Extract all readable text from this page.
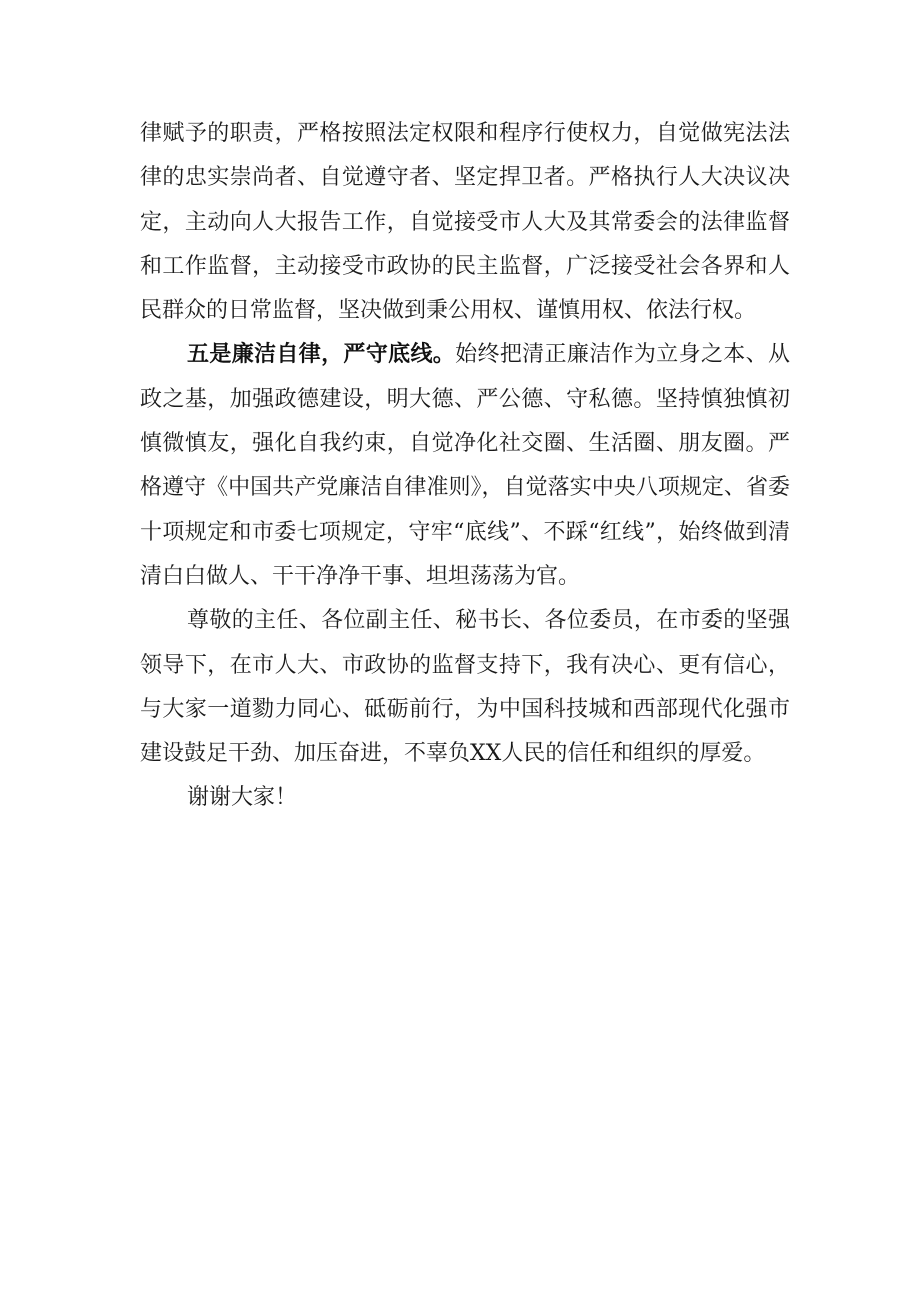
律赋予的职责，严格按照法定权限和程序行使权力，自觉做宪法法律的忠实崇尚者、自觉遵守者、坚定捍卫者。严格执行人大决议决定，主动向人大报告工作，自觉接受市人大及其常委会的法律监督和工作监督，主动接受市政协的民主监督，广泛接受社会各界和人民群众的日常监督，坚决做到秉公用权、谨慎用权、依法行权。

五是廉洁自律，严守底线。始终把清正廉洁作为立身之本、从政之基，加强政德建设，明大德、严公德、守私德。坚持慎独慎初慎微慎友，强化自我约束，自觉净化社交圈、生活圈、朋友圈。严格遵守《中国共产党廉洁自律准则》，自觉落实中央八项规定、省委十项规定和市委七项规定，守牢“底线”、不踩“红线”，始终做到清清白白做人、干干净净干事、坦坦荡荡为官。

尊敬的主任、各位副主任、秘书长、各位委员，在市委的坚强领导下，在市人大、市政协的监督支持下，我有决心、更有信心，与大家一道勠力同心、砥砺前行，为中国科技城和西部现代化强市建设鼓足干劲、加压奋进，不辜负XX人民的信任和组织的厚爱。

谢谢大家！
